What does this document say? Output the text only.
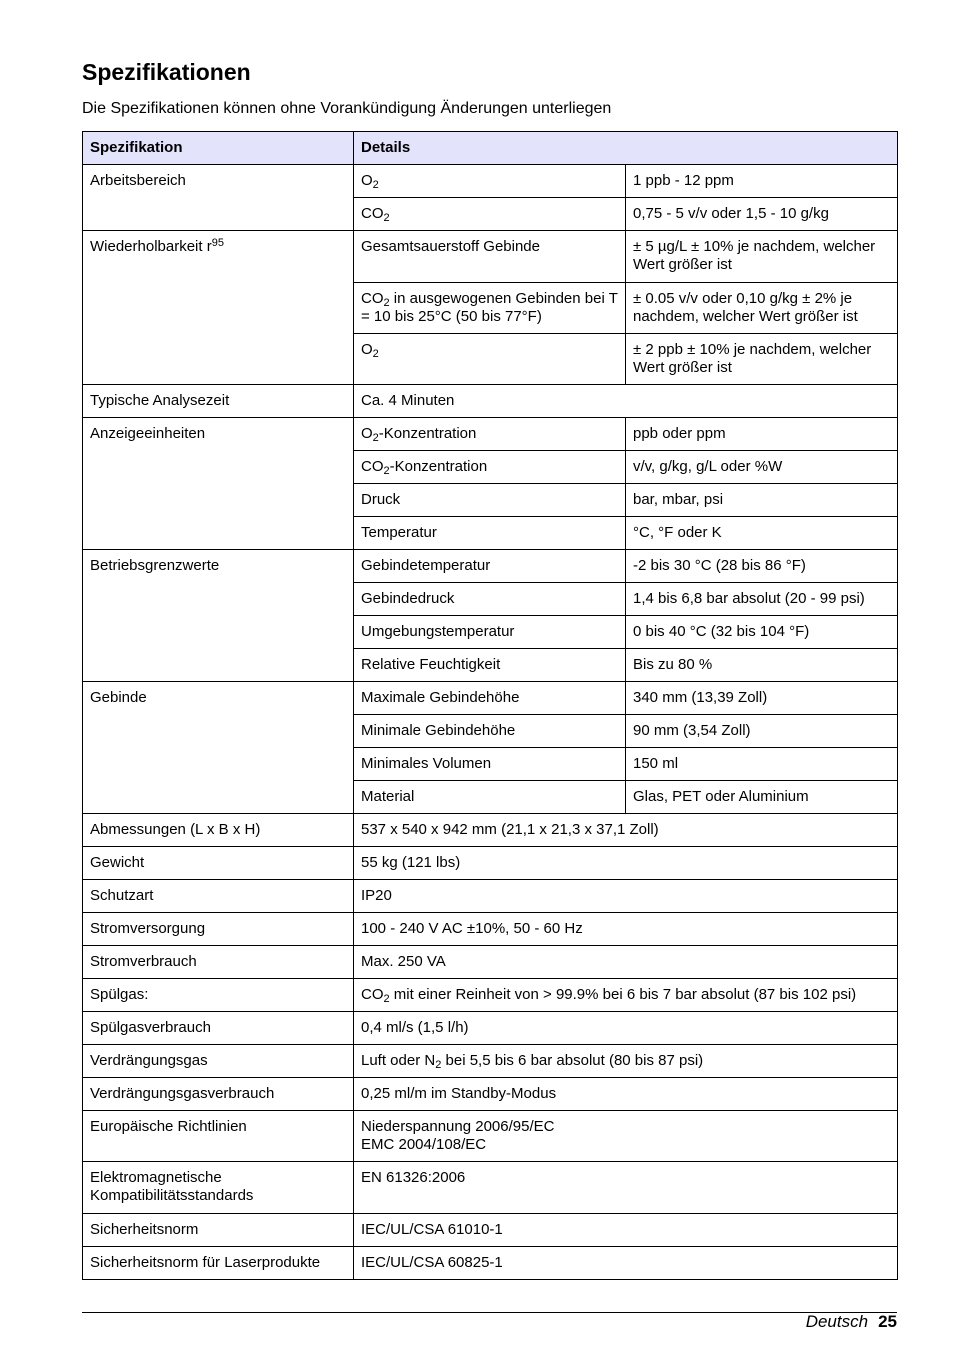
Spezifikationen

Die Spezifikationen können ohne Vorankündigung Änderungen unterliegen

Spezifikation	Details	
Arbeitsbereich	$O_2$	1 ppb - 12 ppm
	$CO_2$	0,75 - 5 v/v oder 1,5 - 10 g/kg
Wiederholbarkeit $r^{95}$	Gesamtsauerstoff Gebinde	± 5 µg/L ± 10% je nachdem, welcher Wert größer ist
	$CO_2$ in ausgewogenen Gebinden bei T = 10 bis 25°C (50 bis 77°F)	± 0.05 v/v oder 0,10 g/kg ± 2% je nachdem, welcher Wert größer ist
	$O_2$	± 2 ppb ± 10% je nachdem, welcher Wert größer ist
Typische Analysezeit	Ca. 4 Minuten	
Anzeigeeinheiten	$O_2$-Konzentration	ppb oder ppm
	$CO_2$-Konzentration	v/v, g/kg, g/L oder %W
	Druck	bar, mbar, psi
	Temperatur	°C, °F oder K
Betriebsgrenzwerte	Gebindetemperatur	-2 bis 30 °C (28 bis 86 °F)
	Gebindedruck	1,4 bis 6,8 bar absolut (20 - 99 psi)
	Umgebungstemperatur	0 bis 40 °C (32 bis 104 °F)
	Relative Feuchtigkeit	Bis zu 80 %
Gebinde	Maximale Gebindehöhe	340 mm (13,39 Zoll)
	Minimale Gebindehöhe	90 mm (3,54 Zoll)
	Minimales Volumen	150 ml
	Material	Glas, PET oder Aluminium
Abmessungen (L x B x H)	537 x 540 x 942 mm (21,1 x 21,3 x 37,1 Zoll)	
Gewicht	55 kg (121 lbs)	
Schutzart	IP20	
Stromversorgung	100 - 240 V AC ±10%, 50 - 60 Hz	
Stromverbrauch	Max. 250 VA	
Spülgas:	$CO_2$ mit einer Reinheit von > 99.9% bei 6 bis 7 bar absolut (87 bis 102 psi)	
Spülgasverbrauch	0,4 ml/s (1,5 l/h)	
Verdrängungsgas	Luft oder $N_2$ bei 5,5 bis 6 bar absolut (80 bis 87 psi)	
Verdrängungsgasverbrauch	0,25 ml/m im Standby-Modus	
Europäische Richtlinien	Niederspannung 2006/95/EC
EMC 2004/108/EC	

Elektromagnetische
Kompatibilitätsstandards	EN 61326:2006	
Sicherheitsnorm	IEC/UL/CSA 61010-1	
Sicherheitsnorm für Laserprodukte	IEC/UL/CSA 60825-1	
Deutsch 25
